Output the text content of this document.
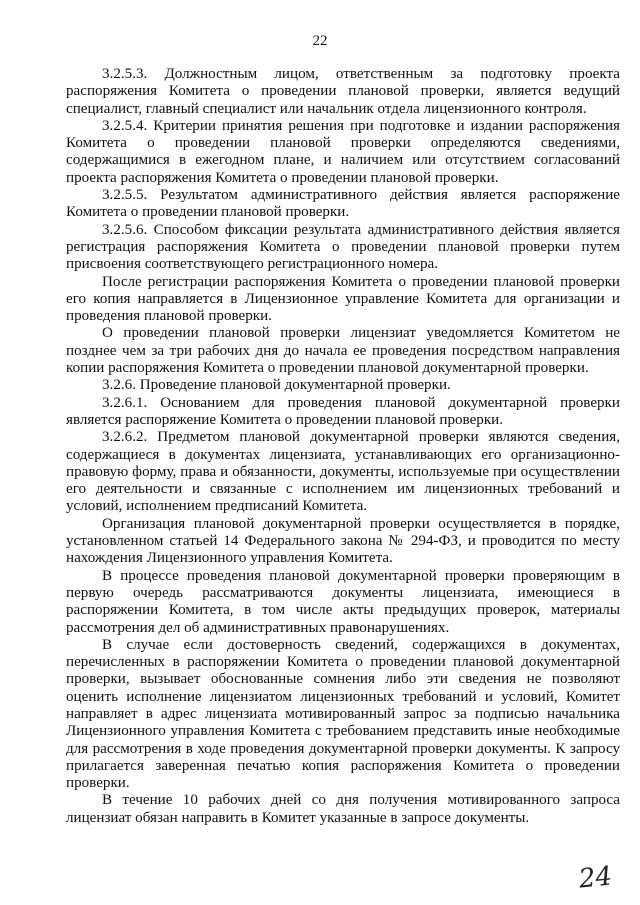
22

3.2.5.3. Должностным лицом, ответственным за подготовку проекта распоряжения Комитета о проведении плановой проверки, является ведущий специалист, главный специалист или начальник отдела лицензионного контроля.

3.2.5.4. Критерии принятия решения при подготовке и издании распоряжения Комитета о проведении плановой проверки определяются сведениями, содержащимися в ежегодном плане, и наличием или отсутствием согласований проекта распоряжения Комитета о проведении плановой проверки.

3.2.5.5. Результатом административного действия является распоряжение Комитета о проведении плановой проверки.

3.2.5.6. Способом фиксации результата административного действия является регистрация распоряжения Комитета о проведении плановой проверки путем присвоения соответствующего регистрационного номера.

После регистрации распоряжения Комитета о проведении плановой проверки его копия направляется в Лицензионное управление Комитета для организации и проведения плановой проверки.

О проведении плановой проверки лицензиат уведомляется Комитетом не позднее чем за три рабочих дня до начала ее проведения посредством направления копии распоряжения Комитета о проведении плановой документарной проверки.

3.2.6. Проведение плановой документарной проверки.

3.2.6.1. Основанием для проведения плановой документарной проверки является распоряжение Комитета о проведении плановой проверки.

3.2.6.2. Предметом плановой документарной проверки являются сведения, содержащиеся в документах лицензиата, устанавливающих его организационно-правовую форму, права и обязанности, документы, используемые при осуществлении его деятельности и связанные с исполнением им лицензионных требований и условий, исполнением предписаний Комитета.

Организация плановой документарной проверки осуществляется в порядке, установленном статьей 14 Федерального закона № 294-ФЗ, и проводится по месту нахождения Лицензионного управления Комитета.

В процессе проведения плановой документарной проверки проверяющим в первую очередь рассматриваются документы лицензиата, имеющиеся в распоряжении Комитета, в том числе акты предыдущих проверок, материалы рассмотрения дел об административных правонарушениях.

В случае если достоверность сведений, содержащихся в документах, перечисленных в распоряжении Комитета о проведении плановой документарной проверки, вызывает обоснованные сомнения либо эти сведения не позволяют оценить исполнение лицензиатом лицензионных требований и условий, Комитет направляет в адрес лицензиата мотивированный запрос за подписью начальника Лицензионного управления Комитета с требованием представить иные необходимые для рассмотрения в ходе проведения документарной проверки документы. К запросу прилагается заверенная печатью копия распоряжения Комитета о проведении проверки.

В течение 10 рабочих дней со дня получения мотивированного запроса лицензиат обязан направить в Комитет указанные в запросе документы.

24
